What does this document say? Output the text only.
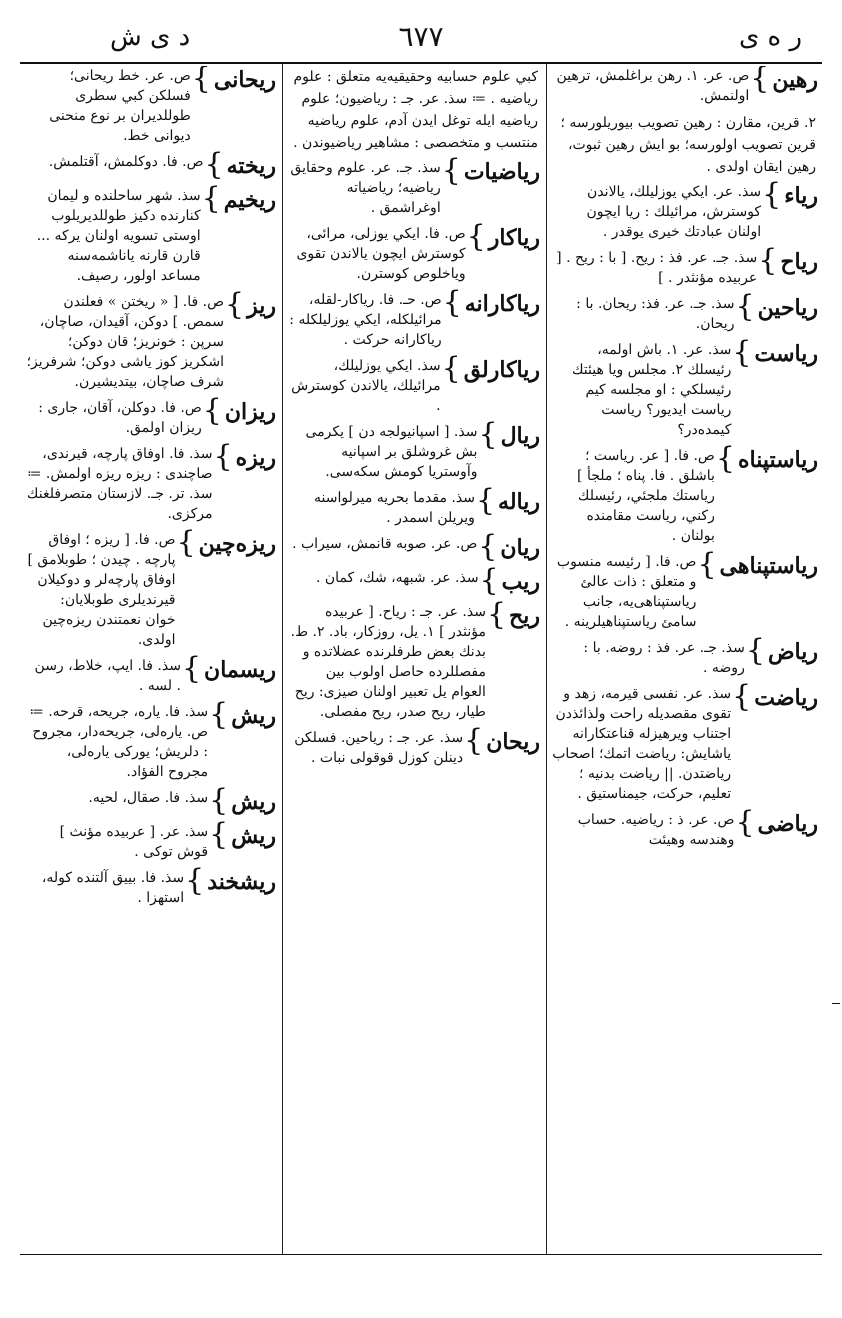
ر ه ی
٦٧٧
د ی ش
رهين
}
ص. عر. ١. رهن براغلمش، ترهين اولنمش.
٢. قرين، مقارن : رهين تصويب بيوريلورسه ؛ قرين تصويب اولورسه؛ بو ايش رهين ثبوت، رهين ايقان اولدی .
رياء
}
سذ. عر. ايكي يوزليلك، يالاندن كوسترش، مرائيلك : ريا ايچون اولنان عبادتك خيری يوقدر .
رياح
}
سذ. جـ. عر. فذ : ريح. [ با : ريح . [ عربيده مؤنثدر . ]
رياحين
}
سذ. جـ. عر. فذ: ريحان. با : ريحان.
رياست
}
سذ. عر. ١. باش اولمه، رئيسلك ٢. مجلس ويا هيئتك رئيسلكي : او مجلسه كيم رياست ايديور؟ رياست كيمده‌در؟
رياستپناه
}
ص. فا. [ عر. رياست ؛ باشلق . فا. پناه ؛ ملجأ ] رياستك ملجئي، رئيسلك ركني، رياست مقامنده بولنان .
رياستپناهی
}
ص. فا. [ رئيسه منسوب و متعلق : ذات عالئ رياستپناهی‌يه، جانب سامئ رياستپناهيلرينه .
رياض
}
سذ. جـ. عر. فذ : روضه. با : روضه .
رياضت
}
سذ. عر. نفسی قيرمه، زهد و تقوی مقصديله راحت ولذائذدن اجتناب ويرهيزله قناعتكارانه ياشايش: رياضت اتمك؛ اصحاب رياضتدن. || رياضت بدنيه ؛ تعليم، حركت، جيمناستيق .
رياضی
}
ص. عر. ذ : رياضيه. حساب وهندسه وهيئت
كبي علوم حسابيه وحقيقيه‌يه متعلق : علوم رياضيه . ≕ سذ. عر. جـ : رياضيون؛ علوم رياضيه ايله توغل ايدن آدم، علوم رياضيه منتسب و متخصصی : مشاهير رياضيوندن .
رياضيات
}
سذ. جـ. عر. علوم وحقايق رياضيه؛ رياضياته اوغراشمق .
رياكار
}
ص. فا. ايكي يوزلی، مرائی، كوسترش ايچون يالاندن تقوی وياخلوص كوسترن.
رياكارانه
}
ص. حـ. فا. رياكار-لقله، مرائيلكله، ايكي يوزليلكله : رياكارانه حركت .
رياكارلق
}
سذ. ايكي يوزليلك، مرائيلك، يالاندن كوسترش .
ريال
}
سذ. [ اسپانيولجه دن ] يكرمی بش غروشلق بر اسپانيه وآوستريا كومش سكه‌سی.
رياله
}
سذ. مقدما بحريه ميرلواسنه ويريلن اسمدر .
ريان
}
ص. عر. صوبه قانمش، سيراب .
ريب
}
سذ. عر. شبهه، شك، كمان .
ريح
}
سذ. عر. جـ : رياح. [ عربيده مؤنثدر ] ١. يل، روزكار، باد. ٢. ط. بدنك بعض طرفلرنده عضلاتده و مفصللرده حاصل اولوب بين العوام يل تعبير اولنان صيزی: ريح طيار، ريح صدر، ريح مفصلی.
ريحان
}
سذ. عر. جـ : رياحين. فسلكن دينلن كوزل قوقولی نبات .
ريحانی
}
ص. عر. خط ريحانی؛ فسلكن كبي سطری طوللديران بر نوع منحنی ديوانی خط.
ريخته
}
ص. فا. دوكلمش، آقتلمش.
ريخيم
}
سذ. شهر ساحلنده و ليمان كنارنده دكيز طوللديريلوب اوستی تسويه اولنان يركه ... قارن قارنه ياناشمه‌سنه مساعد اولور، رصيف.
ريز
}
ص. فا. [ « ريختن » فعلندن سمص. ] دوكن، آقيدان، صاچان، سرپن : خونريز؛ قان دوكن؛ اشكريز كوز ياشی دوكن؛ شرفريز؛ شرف صاچان، بيتديشيرن.
ريزان
}
ص. فا. دوكلن، آقان، جاری : ريزان اولمق.
ريزه
}
سذ. فا. اوفاق پارچه، قيرندی، صاچندی : ريزه ريزه اولمش. ≕ سذ. تر. جـ. لازستان متصرفلغنك مركزی.
ريزه‌چين
}
ص. فا. [ ريزه ؛ اوفاق پارچه . چيدن ؛ طوبلامق ] اوفاق پارچه‌لر و دوكيلان قيرندیلری طوبلايان: خوان نعمتندن ريزه‌چين اولدی.
ريسمان
}
سذ. فا. ايپ، خلاط، رسن . لسه .
ريش
}
سذ. فا. ياره، جريحه، قرحه. ≕ ص. ياره‌لی، جريحه‌دار، مجروح : دلريش؛ يوركی ياره‌لی، مجروح الفؤاد.
ريش
}
سذ. فا. صقال، لحيه.
ريش
}
سذ. عر. [ عربيده مؤنث ] قوش توكی .
ريشخند
}
سذ. فا. بييق آلتنده كوله، استهزا .
